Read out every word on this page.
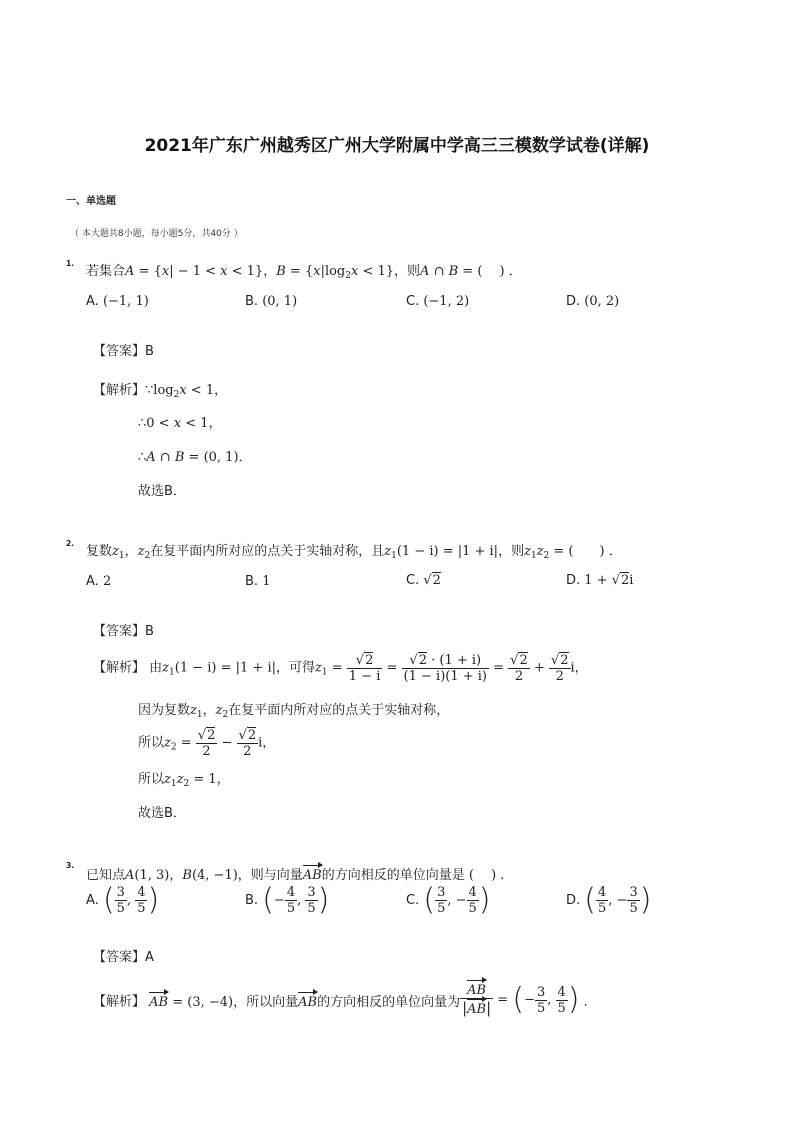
2021年广东广州越秀区广州大学附属中学高三三模数学试卷(详解)
一、单选题
（ 本大题共8小题，每小题5分，共40分 ）
1.
若集合A = {x| − 1 < x < 1}，$B = \{x|\log_2x < 1\}$，则A ∩ B = (　 ) ．
A. (−1, 1)	B. (0, 1)	C. (−1, 2)	D. (0, 2)
【答案】B
【解析】$\because\log_2x < 1$，
∴0 < x < 1，
∴A ∩ B = (0, 1)．
故选B．
2.
复数$z_1$，$z_2$在复平面内所对应的点关于实轴对称，且$z_1(1 - i) = |1 + i|$，则$z_1z_2$ = (　　) ．
A. 2	B. 1	C. √2	D. 1 + √2i
【答案】B
【解析】 由$z_1(1 - i) = |1 + i|$，可得$z_1 = \frac{√2}{1 - i} = \frac{√2 \cdot (1 + i)}{(1 - i)(1 + i)} = \frac{√2}{2} + \frac{√2}{2}$ i，
因为复数$z_1$，$z_2$在复平面内所对应的点关于实轴对称，
所以$z_2 = \frac{√2}{2} - \frac{√2}{2}$ i，
所以$z_1z_2 = 1$，
故选B．
3.
已知点A(1, 3)，B(4, −1)，则与向量AB的方向相反的单位向量是 (　 ) ．
A. ( $\frac{3}{5}$ , $\frac{4}{5}$ )	B. (− $\frac{4}{5}$ , $\frac{3}{5}$ )	C. ( $\frac{3}{5}$ , − $\frac{4}{5}$ )	D. ( $\frac{4}{5}$ , − $\frac{3}{5}$ )
【答案】A
【解析】 AB = (3, −4)，所以向量AB的方向相反的单位向量为 $\frac{AB}{|AB|}$ = (− $\frac{3}{5}$ , $\frac{4}{5}$ ) ．
